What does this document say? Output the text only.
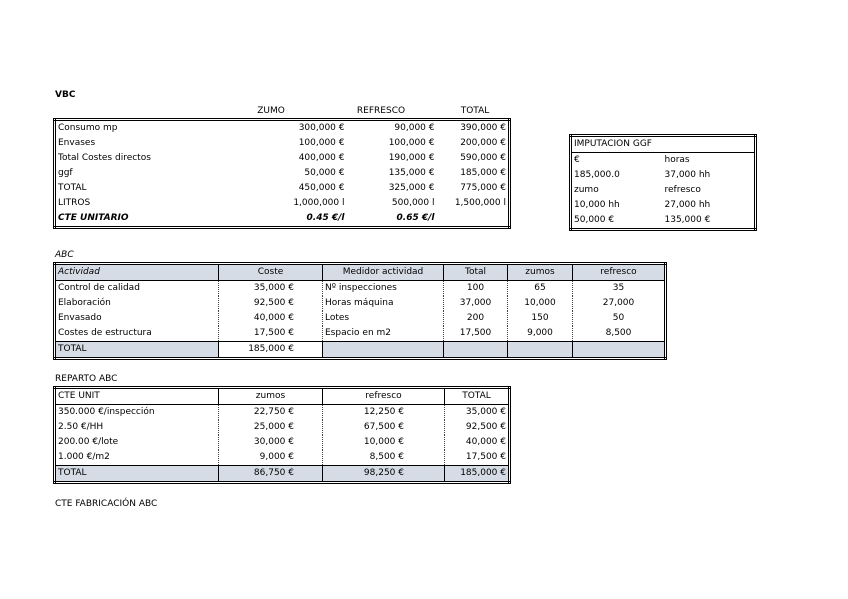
VBC
ZUMO	REFRESCO	TOTAL
Consumo mp	300,000 €	90,000 €	390,000 €
Envases	100,000 €	100,000 €	200,000 €
Total Costes directos	400,000 €	190,000 €	590,000 €
ggf	50,000 €	135,000 €	185,000 €
TOTAL	450,000 €	325,000 €	775,000 €
LITROS	1,000,000 l	500,000 l	1,500,000 l
CTE UNITARIO	0.45 €/l	0.65 €/l	
IMPUTACION GGF	
€	horas
185,000.0	37,000 hh
zumo	refresco
10,000 hh	27,000 hh
50,000 €	135,000 €
ABC
Actividad	Coste	Medidor actividad	Total	zumos	refresco
Control de calidad	35,000 €	Nº inspecciones	100	65	35
Elaboración	92,500 €	Horas máquina	37,000	10,000	27,000
Envasado	40,000 €	Lotes	200	150	50
Costes de estructura	17,500 €	Espacio en m2	17,500	9,000	8,500
TOTAL	185,000 €				
REPARTO ABC
CTE UNIT	zumos	refresco	TOTAL
350.000 €/inspección	22,750 €	12,250 €	35,000 €
2.50 €/HH	25,000 €	67,500 €	92,500 €
200.00 €/lote	30,000 €	10,000 €	40,000 €
1.000 €/m2	9,000 €	8,500 €	17,500 €
TOTAL	86,750 €	98,250 €	185,000 €
CTE FABRICACIÓN ABC
